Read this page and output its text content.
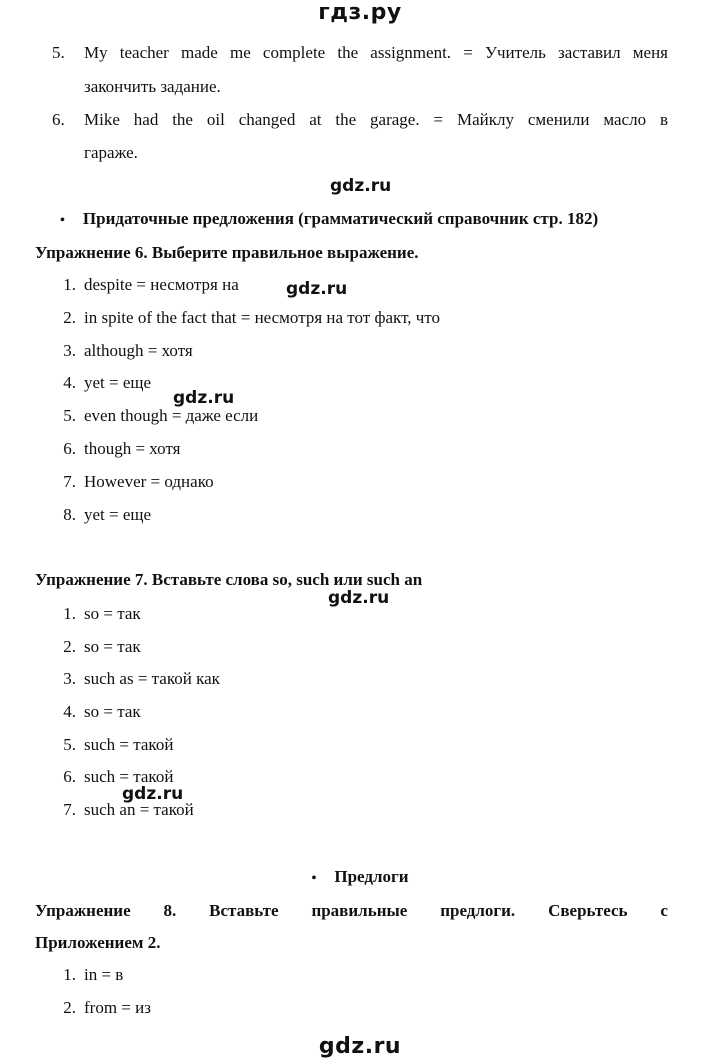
гдз.ру
5. My teacher made me complete the assignment. = Учитель заставил меня
закончить задание.
6. Mike had the oil changed at the garage. = Майклу сменили масло в
гараже.
gdz.ru
• Придаточные предложения (грамматический справочник стр. 182)
Упражнение 6. Выберите правильное выражение.
1. despite = несмотря на	gdz.ru
2. in spite of the fact that = несмотря на тот факт, что
3. although = хотя
4. yet = еще
gdz.ru
5. even though = даже если
6. though = хотя
7. However = однако
8. yet = еще
Упражнение 7. Вставьте слова so, such или such an
gdz.ru
1. so = так
2. so = так
3. such as = такой как
4. so = так
5. such = такой
6. such = такой
gdz.ru
7. such an = такой
• Предлоги
Упражнение 8. Вставьте правильные предлоги. Сверьтесь с
Приложением 2.
1. in = в
2. from = из
gdz.ru
